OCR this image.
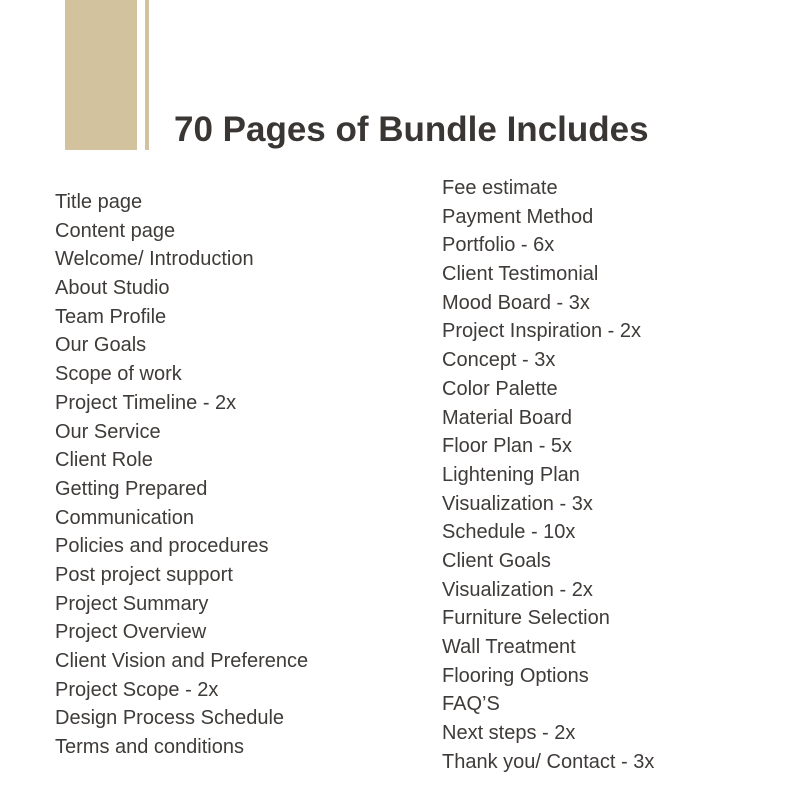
70 Pages of Bundle Includes
Title page
Content page
Welcome/ Introduction
About Studio
Team Profile
Our Goals
Scope of work
Project Timeline - 2x
Our Service
Client Role
Getting Prepared
Communication
Policies and procedures
Post project support
Project Summary
Project Overview
Client Vision and Preference
Project Scope - 2x
Design Process Schedule
Terms and conditions
Fee estimate
Payment Method
Portfolio - 6x
Client Testimonial
Mood Board - 3x
Project Inspiration - 2x
Concept - 3x
Color Palette
Material Board
Floor Plan - 5x
Lightening Plan
Visualization - 3x
Schedule - 10x
Client Goals
Visualization - 2x
Furniture Selection
Wall Treatment
Flooring Options
FAQ’S
Next steps - 2x
Thank you/ Contact - 3x
